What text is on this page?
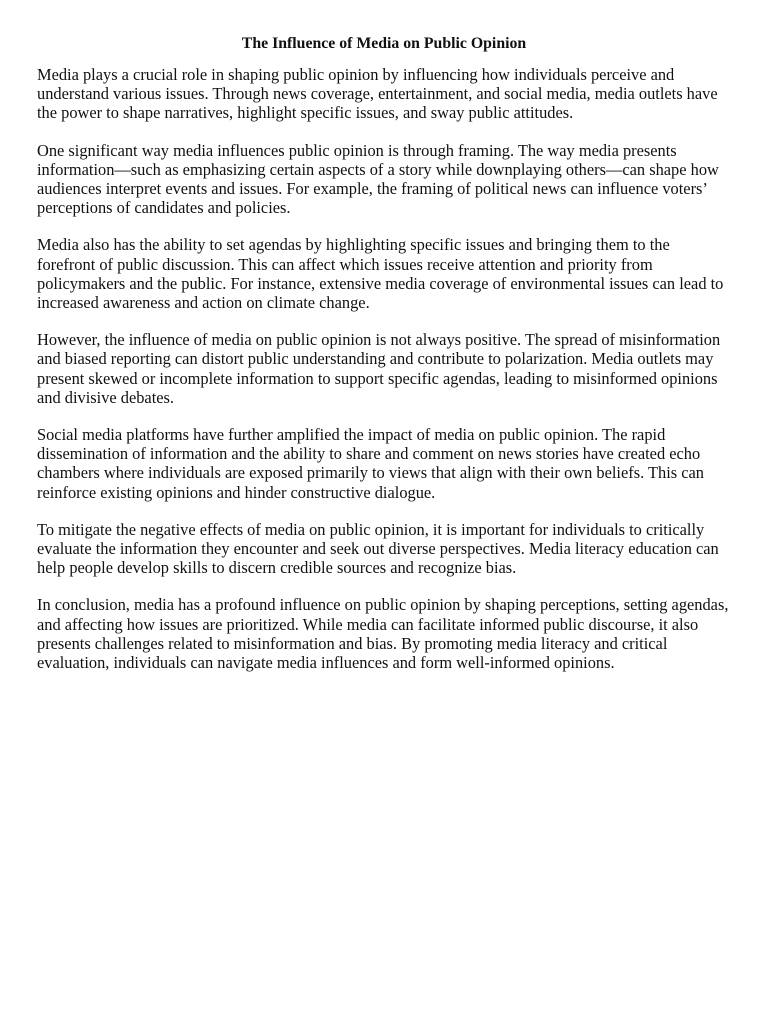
The Influence of Media on Public Opinion

Media plays a crucial role in shaping public opinion by influencing how individuals perceive and understand various issues. Through news coverage, entertainment, and social media, media outlets have the power to shape narratives, highlight specific issues, and sway public attitudes.

One significant way media influences public opinion is through framing. The way media presents information—such as emphasizing certain aspects of a story while downplaying others—can shape how audiences interpret events and issues. For example, the framing of political news can influence voters’ perceptions of candidates and policies.

Media also has the ability to set agendas by highlighting specific issues and bringing them to the forefront of public discussion. This can affect which issues receive attention and priority from policymakers and the public. For instance, extensive media coverage of environmental issues can lead to increased awareness and action on climate change.

However, the influence of media on public opinion is not always positive. The spread of misinformation and biased reporting can distort public understanding and contribute to polarization. Media outlets may present skewed or incomplete information to support specific agendas, leading to misinformed opinions and divisive debates.

Social media platforms have further amplified the impact of media on public opinion. The rapid dissemination of information and the ability to share and comment on news stories have created echo chambers where individuals are exposed primarily to views that align with their own beliefs. This can reinforce existing opinions and hinder constructive dialogue.

To mitigate the negative effects of media on public opinion, it is important for individuals to critically evaluate the information they encounter and seek out diverse perspectives. Media literacy education can help people develop skills to discern credible sources and recognize bias.

In conclusion, media has a profound influence on public opinion by shaping perceptions, setting agendas, and affecting how issues are prioritized. While media can facilitate informed public discourse, it also presents challenges related to misinformation and bias. By promoting media literacy and critical evaluation, individuals can navigate media influences and form well-informed opinions.
